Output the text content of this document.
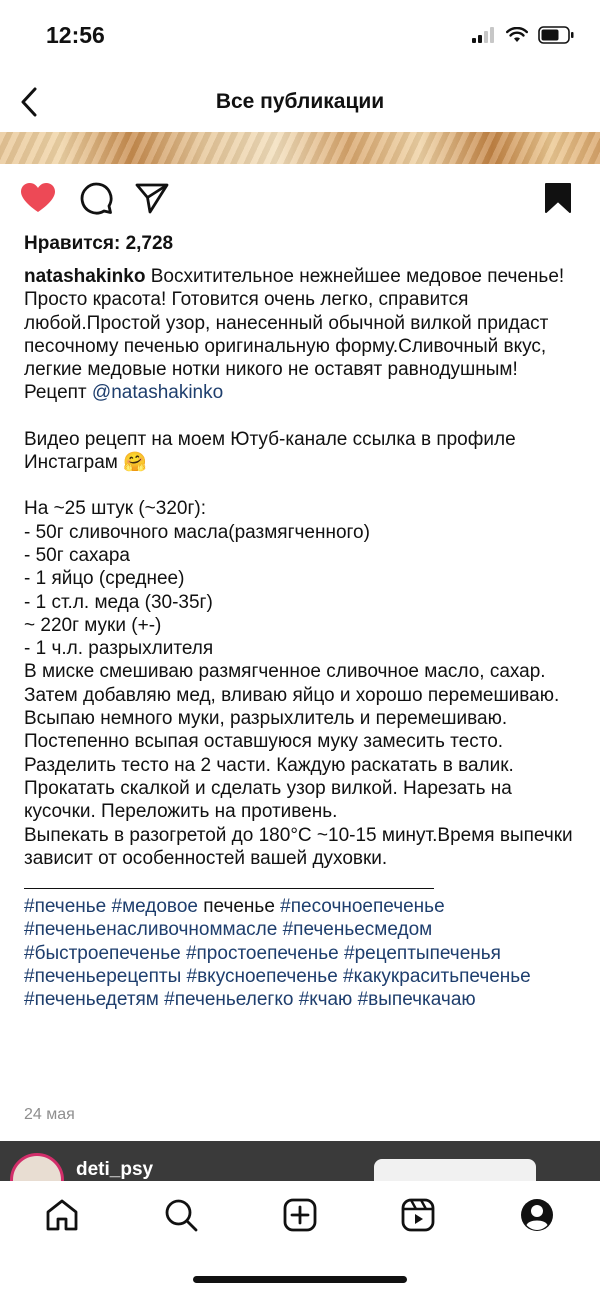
12:56
Все публикации
Нравится: 2,728

natashakinko Восхитительное нежнейшее медовое печенье! Просто красота! Готовится очень легко, справится любой.Простой узор, нанесенный обычной вилкой придаст песочному печенью оригинальную форму.Сливочный вкус, легкие медовые нотки никого не оставят равнодушным! Рецепт @natashakinko

Видео рецепт на моем Ютуб-канале ссылка в профиле Инстаграм 🤗

На ~25 штук (~320г):
- 50г сливочного масла(размягченного)
- 50г сахара
- 1 яйцо (среднее)
- 1 ст.л. меда (30-35г)
~ 220г муки (+-)
- 1 ч.л. разрыхлителя

В миске смешиваю размягченное сливочное масло, сахар. Затем добавляю мед, вливаю яйцо и хорошо перемешиваю. Всыпаю немного муки, разрыхлитель и перемешиваю. Постепенно всыпая оставшуюся муку замесить тесто. Разделить тесто на 2 части. Каждую раскатать в валик. Прокатать скалкой и сделать узор вилкой. Нарезать на кусочки. Переложить на противень.

Выпекать в разогретой до 180°C ~10-15 минут.Время выпечки зависит от особенностей вашей духовки.

#печенье #медовое печенье #песочноепеченье #печеньенасливочноммасле #печеньесмедом #быстроепеченье #простоепеченье #рецептыпеченья #печеньерецепты #вкусноепеченье #какукраситьпеченье #печеньедетям #печеньелегко #кчаю #выпечкачаю

24 мая
deti_psy
